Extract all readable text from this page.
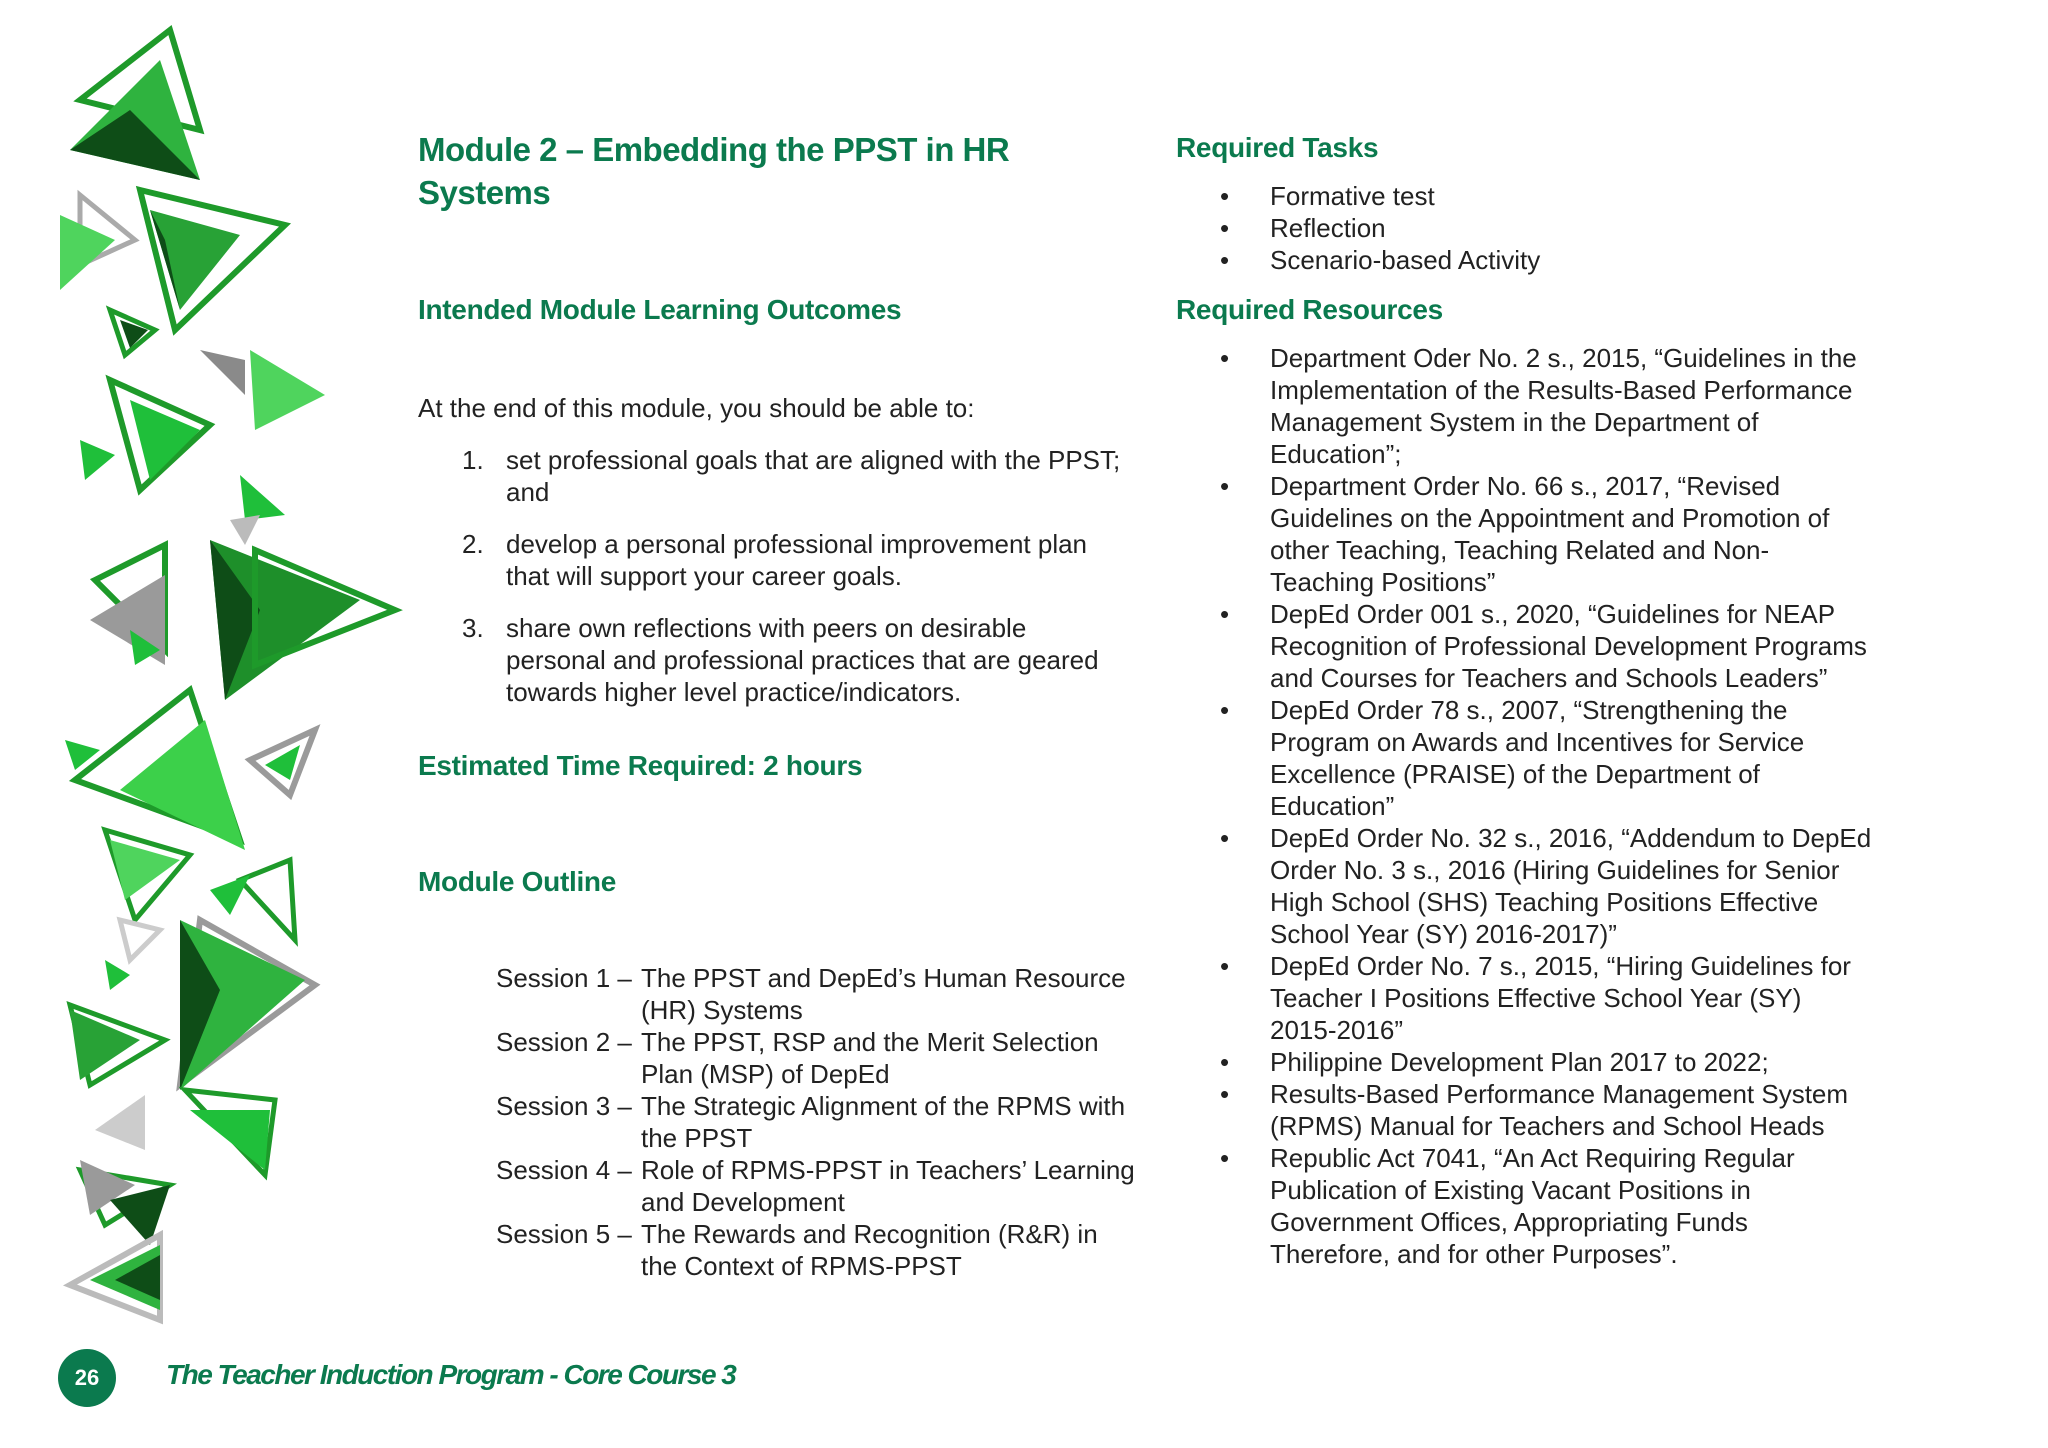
Module 2 – Embedding the PPST in HR Systems
Intended Module Learning Outcomes
At the end of this module, you should be able to:
1. set professional goals that are aligned with the PPST; and
2. develop a personal professional improvement plan that will support your career goals.
3. share own reflections with peers on desirable personal and professional practices that are geared towards higher level practice/indicators.
Estimated Time Required: 2 hours
Module Outline
Session 1 – The PPST and DepEd’s Human Resource (HR) Systems
Session 2 – The PPST, RSP and the Merit Selection Plan (MSP) of DepEd
Session 3 – The Strategic Alignment of the RPMS with the PPST
Session 4 – Role of RPMS-PPST in Teachers’ Learning and Development
Session 5 – The Rewards and Recognition (R&R) in the Context of RPMS-PPST
Required Tasks
• Formative test
• Reflection
• Scenario-based Activity
Required Resources
• Department Oder No. 2 s., 2015, “Guidelines in the Implementation of the Results-Based Performance Management System in the Department of Education”;
• Department Order No. 66 s., 2017, “Revised Guidelines on the Appointment and Promotion of other Teaching, Teaching Related and Non-Teaching Positions”
• DepEd Order 001 s., 2020, “Guidelines for NEAP Recognition of Professional Development Programs and Courses for Teachers and Schools Leaders”
• DepEd Order 78 s., 2007, “Strengthening the Program on Awards and Incentives for Service Excellence (PRAISE) of the Department of Education”
• DepEd Order No. 32 s., 2016, “Addendum to DepEd Order No. 3 s., 2016 (Hiring Guidelines for Senior High School (SHS) Teaching Positions Effective School Year (SY) 2016-2017)”
• DepEd Order No. 7 s., 2015, “Hiring Guidelines for Teacher I Positions Effective School Year (SY) 2015-2016”
• Philippine Development Plan 2017 to 2022;
• Results-Based Performance Management System (RPMS) Manual for Teachers and School Heads
• Republic Act 7041, “An Act Requiring Regular Publication of Existing Vacant Positions in Government Offices, Appropriating Funds Therefore, and for other Purposes”.
26	The Teacher Induction Program - Core Course 3
